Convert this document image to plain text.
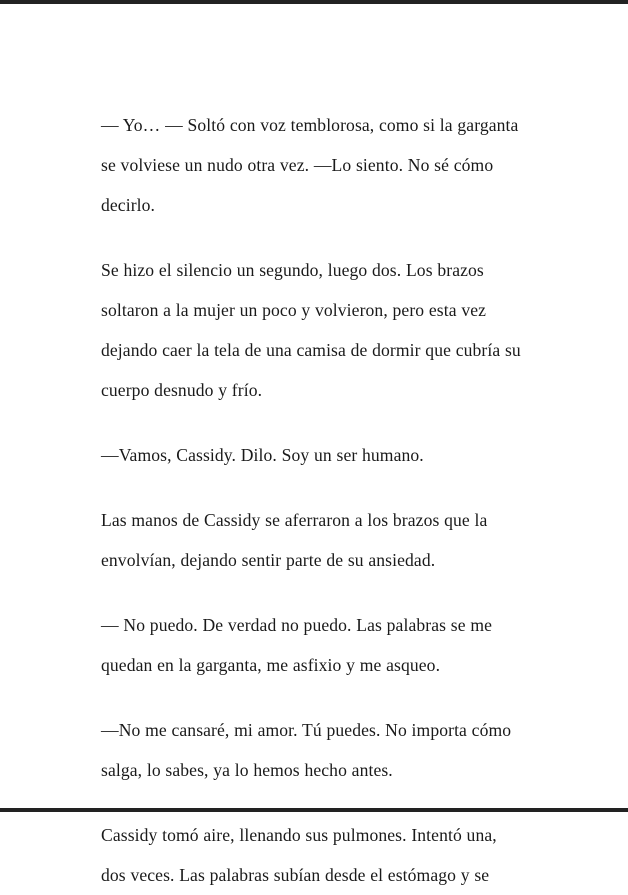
— Yo… — Soltó con voz temblorosa, como si la garganta se volviese un nudo otra vez. —Lo siento. No sé cómo decirlo.

Se hizo el silencio un segundo, luego dos. Los brazos soltaron a la mujer un poco y volvieron, pero esta vez dejando caer la tela de una camisa de dormir que cubría su cuerpo desnudo y frío.

—Vamos, Cassidy. Dilo. Soy un ser humano.

Las manos de Cassidy se aferraron a los brazos que la envolvían, dejando sentir parte de su ansiedad.

— No puedo. De verdad no puedo. Las palabras se me quedan en la garganta, me asfixio y me asqueo.

—No me cansaré, mi amor. Tú puedes. No importa cómo salga, lo sabes, ya lo hemos hecho antes.

Cassidy tomó aire, llenando sus pulmones. Intentó una, dos veces. Las palabras subían desde el estómago y se
